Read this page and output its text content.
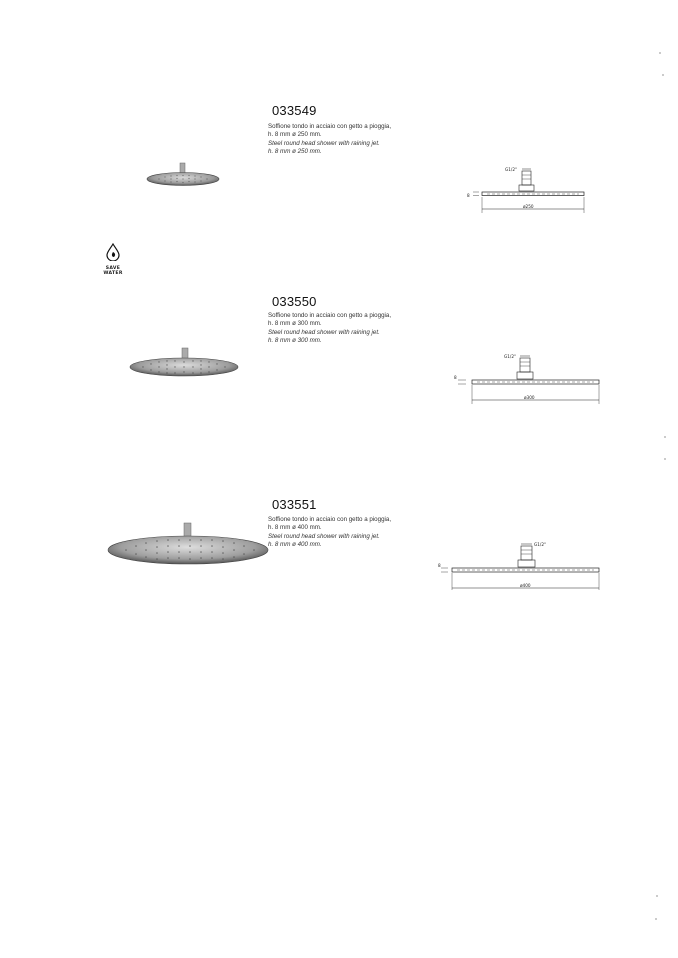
033549
Soffione tondo in acciaio con getto a pioggia,
h. 8 mm ø 250 mm.
Steel round head shower with raining jet.
h. 8 mm ø 250 mm.
G1/2"
8
ø250
SAVE
WATER
033550
Soffione tondo in acciaio con getto a pioggia,
h. 8 mm ø 300 mm.
Steel round head shower with raining jet.
h. 8 mm ø 300 mm.
G1/2"
8
ø300
033551
Soffione tondo in acciaio con getto a pioggia,
h. 8 mm ø 400 mm.
Steel round head shower with raining jet.
h. 8 mm ø 400 mm.	G1/2"
8
ø400
